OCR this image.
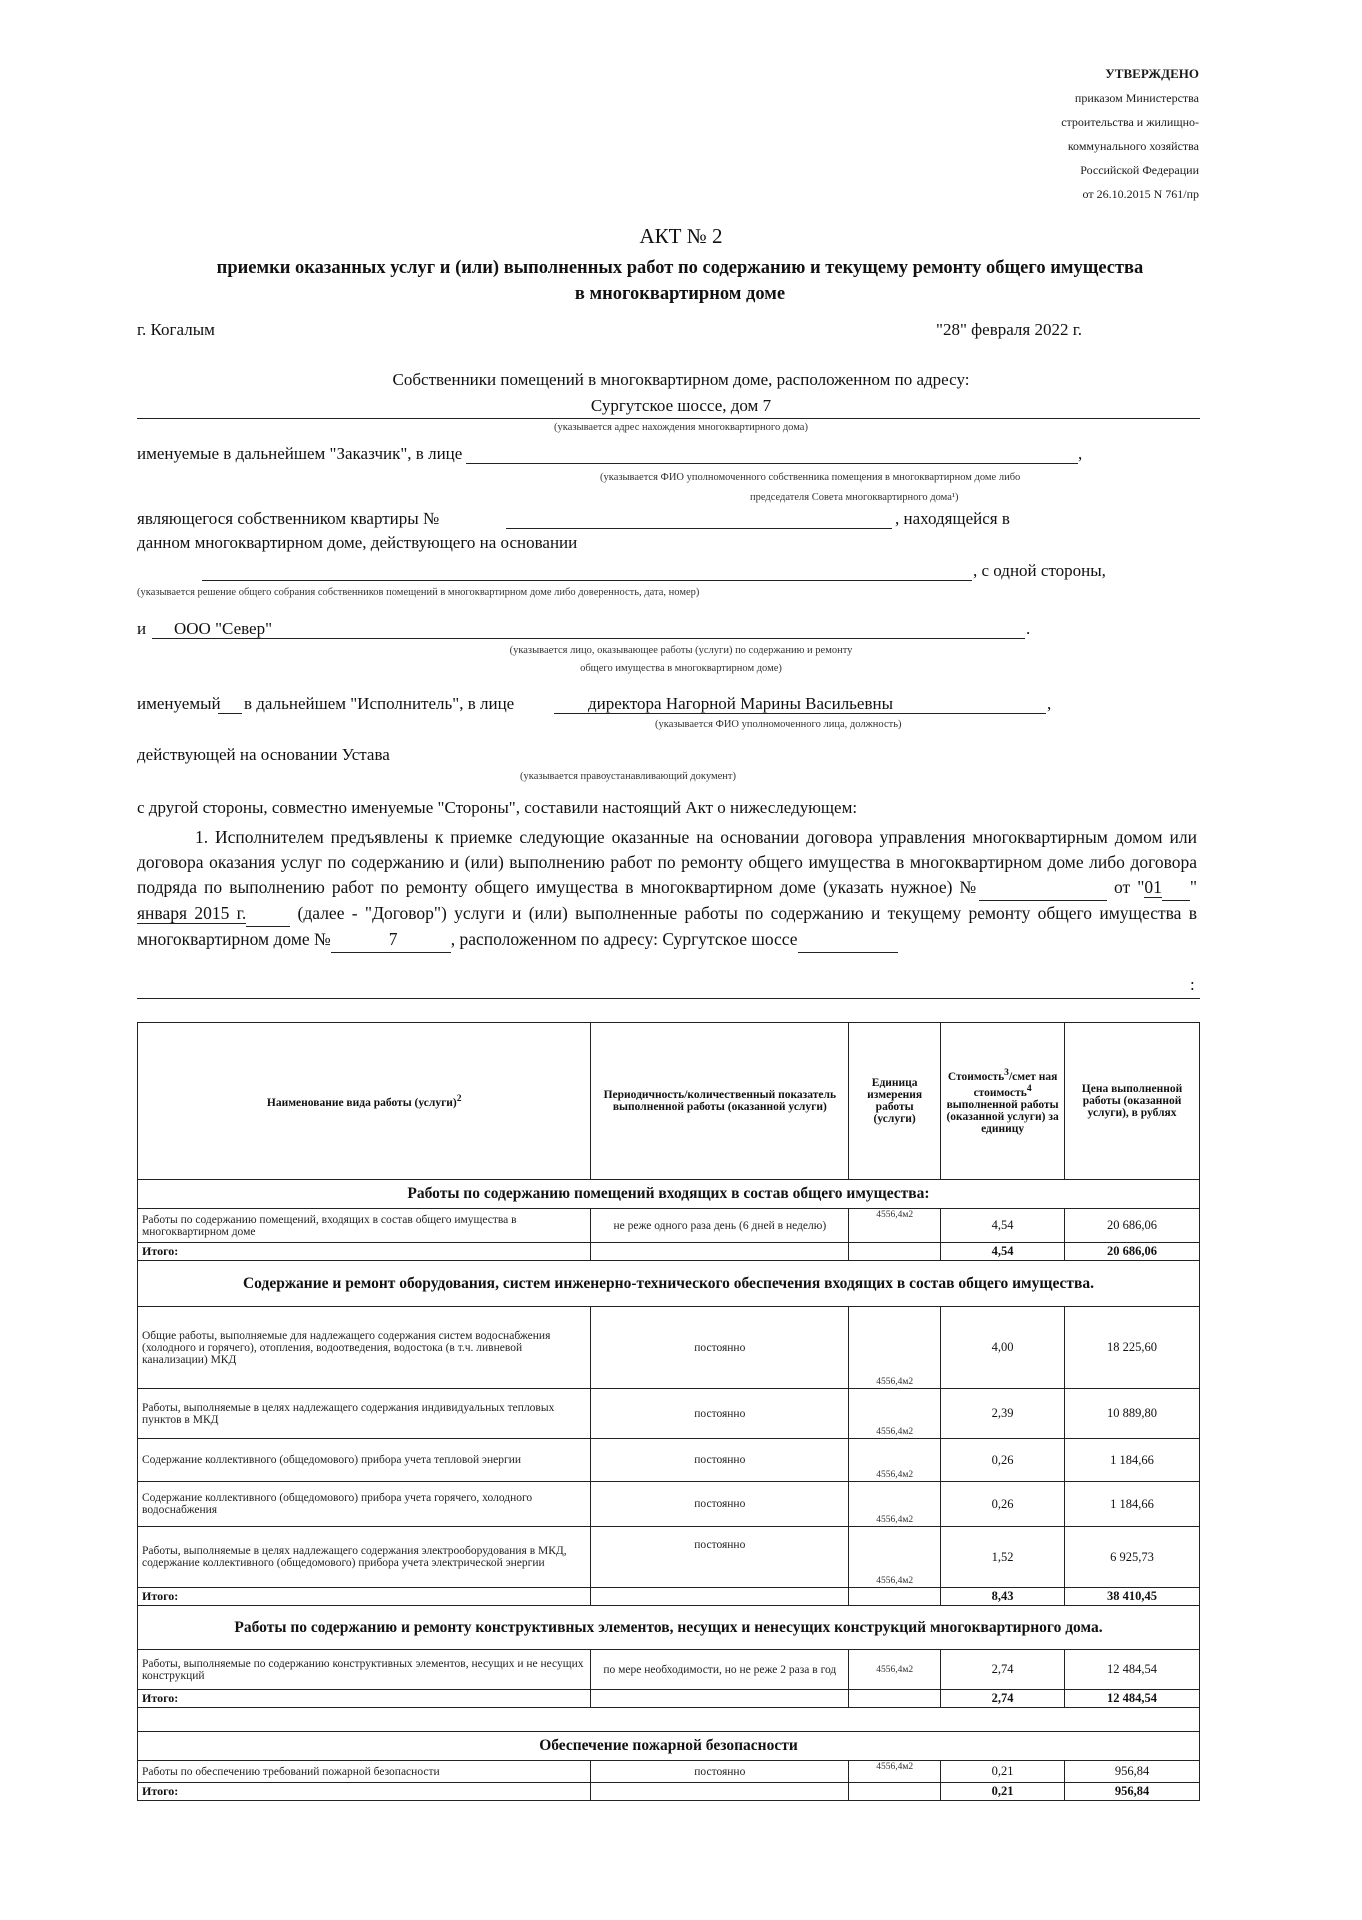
УТВЕРЖДЕНО
приказом Министерства
строительства и жилищно-
коммунального хозяйства
Российской Федерации
от 26.10.2015 N 761/пр
АКТ № 2
приемки оказанных услуг и (или) выполненных работ по содержанию и текущему ремонту общего имущества
в многоквартирном доме
г. Когалым	"28" февраля 2022 г.
Собственники помещений в многоквартирном доме, расположенном по адресу:
Сургутское шоссе, дом 7
(указывается адрес нахождения многоквартирного дома)
именуемые в дальнейшем "Заказчик", в лице	,
(указывается ФИО уполномоченного собственника помещения в многоквартирном доме либо
председателя Совета многоквартирного дома¹)
являющегося собственником квартиры №	, находящейся в
данном многоквартирном доме, действующего на основании
, с одной стороны,
(указывается решение общего собрания собственников помещений в многоквартирном доме либо доверенность, дата, номер)
и ООО "Север"	.
(указывается лицо, оказывающее работы (услуги) по содержанию и ремонту
общего имущества в многоквартирном доме)
именуемый в дальнейшем "Исполнитель", в лице	директора Нагорной Марины Васильевны	,
(указывается ФИО уполномоченного лица, должность)
действующей на основании Устава
(указывается правоустанавливающий документ)
с другой стороны, совместно именуемые "Стороны", составили настоящий Акт о нижеследующем:
1. Исполнителем предъявлены к приемке следующие оказанные на основании договора управления многоквартирным домом или договора оказания услуг по содержанию и (или) выполнению работ по ремонту общего имущества в многоквартирном доме либо договора подряда по выполнению работ по ремонту общего имущества в многоквартирном доме (указать нужное) №	от "01 " января 2015 г.	(далее - "Договор") услуги и (или) выполненные работы по содержанию и текущему ремонту общего имущества в многоквартирном доме №	7	, расположенном по адресу: Сургутское шоссе
:
Наименование вида работы (услуги)$^2$	Периодичность/количественный показатель выполненной работы (оказанной услуги)	Единица измерения работы (услуги)	Стоимость$^3$/смет ная стоимость$^4$ выполненной работы (оказанной услуги) за единицу	Цена выполненной работы (оказанной услуги), в рублях
Работы по содержанию помещений входящих в состав общего имущества:				
Работы по содержанию помещений, входящих в состав общего имущества в многоквартирном доме	не реже одного раза день (6 дней в неделю)	4556,4м2	4,54	20 686,06
Итого:			4,54	20 686,06
Содержание и ремонт оборудования, систем инженерно-технического обеспечения входящих в состав общего имущества.				
Общие работы, выполняемые для надлежащего содержания систем водоснабжения (холодного и горячего), отопления, водоотведения, водостока (в т.ч. ливневой канализации) МКД	постоянно	4556,4м2	4,00	18 225,60
Работы, выполняемые в целях надлежащего содержания индивидуальных тепловых пунктов в МКД	постоянно	4556,4м2	2,39	10 889,80
Содержание коллективного (общедомового) прибора учета тепловой энергии	постоянно	4556,4м2	0,26	1 184,66
Содержание коллективного (общедомового) прибора учета горячего, холодного водоснабжения	постоянно	4556,4м2	0,26	1 184,66
Работы, выполняемые в целях надлежащего содержания электрооборудования в МКД, содержание коллективного (общедомового) прибора учета электрической энергии	постоянно	4556,4м2	1,52	6 925,73
Итого:			8,43	38 410,45
Работы по содержанию и ремонту конструктивных элементов, несущих и ненесущих конструкций многоквартирного дома.				
Работы, выполняемые по содержанию конструктивных элементов, несущих и не несущих конструкций	по мере необходимости, но не реже 2 раза в год	4556,4м2	2,74	12 484,54
Итого:			2,74	12 484,54

Обеспечение пожарной безопасности				
Работы по обеспечению требований пожарной безопасности	постоянно	4556,4м2	0,21	956,84
Итого:			0,21	956,84
